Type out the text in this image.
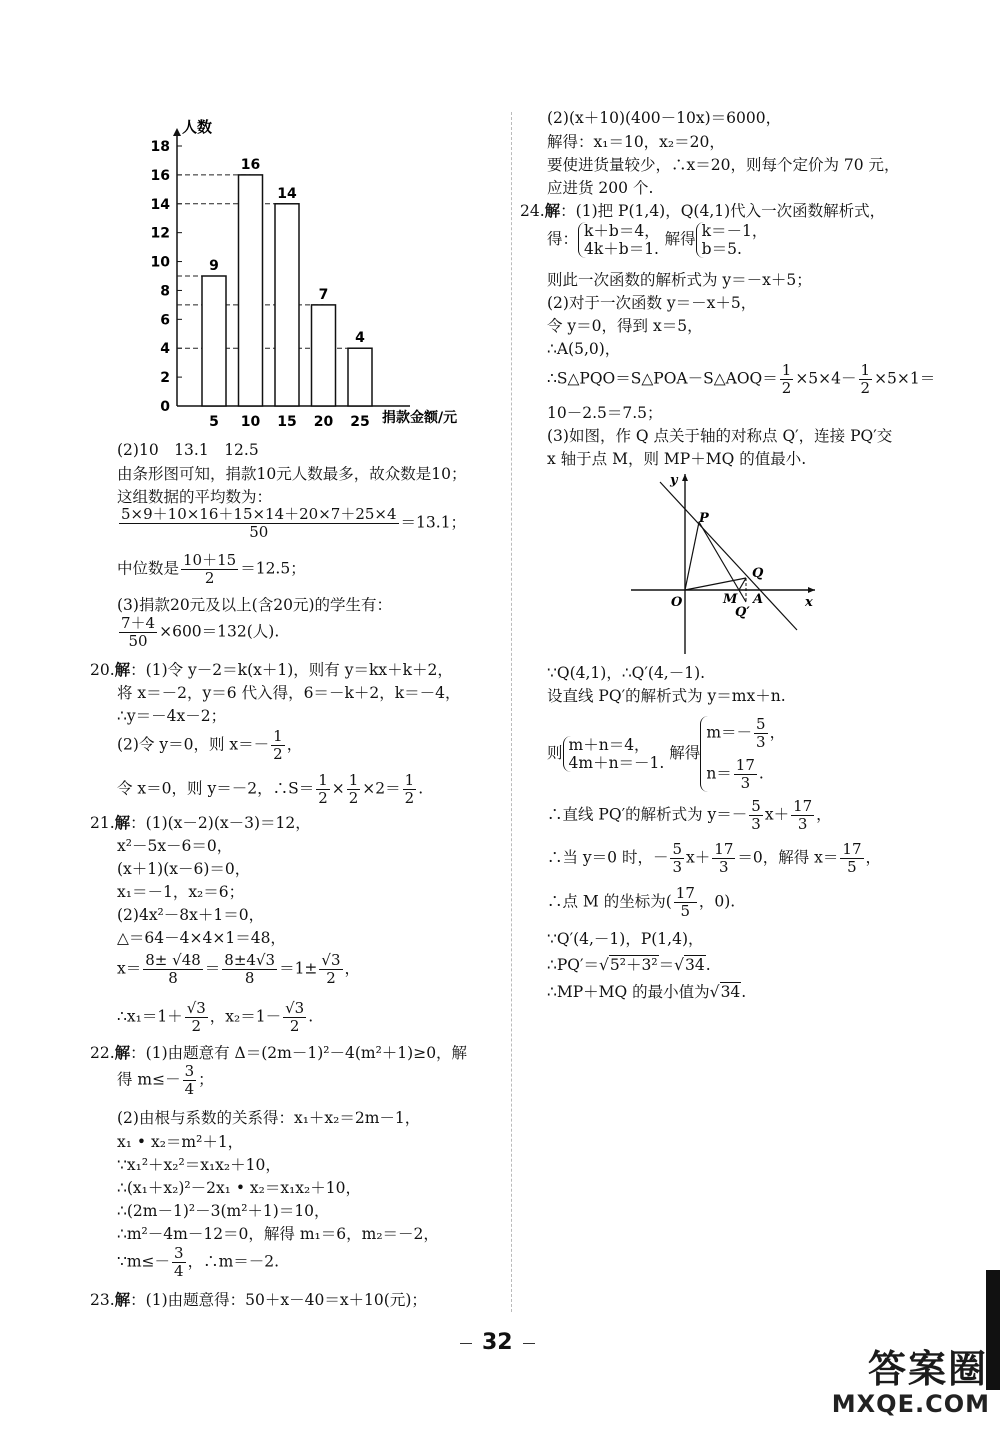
0
2
4
6
8
10
12
14
16
18
9
5
16
10
14
15
7
20
4
25
人数
捐款金额/元
(2)10　13.1　12.5
由条形图可知，捐款10元人数最多，故众数是10；
这组数据的平均数为：
$\frac{5\times 9+10\times 16+15\times 14+20\times 7+25\times 4}{50} =13.1$；
中位数是 $\frac{10+15}{2} =12.5$；
(3)捐款20元及以上(含20元)的学生有：
$\frac{7+4}{50} \times 600=132$(人).
20.解：(1)令 y－2＝k(x＋1)，则有 y＝kx＋k＋2，
将 x＝－2，y＝6 代入得，6＝－k＋2，k＝－4，
∴y＝－4x－2；
(2)令 y＝0，则 $x=- \frac{1}{2}$ ，
令 x＝0，则 y＝－2，∴S＝ $\frac{1}{2} \times \frac{1}{2} \times 2= \frac{1}{2}$ .
21.解：(1)(x－2)(x－3)＝12，
x²－5x－6＝0，
(x＋1)(x－6)＝0，
x₁＝－1，x₂＝6；
(2)4x²－8x＋1＝0，
△＝64－4×4×1＝48，
$x= \frac{8\pm √48}{8} = \frac{8\pm 4√3}{8} =1\pm \frac{√3}{2}$ ，
∴x₁＝1＋ $\frac{√3}{2}$ ，$x_2=1- \frac{√3}{2}$ .
22.解：(1)由题意有 Δ＝(2m－1)²－4(m²＋1)≥0，解
得 $m\le- \frac{3}{4}$ ；
(2)由根与系数的关系得：x₁＋x₂＝2m－1，
x₁ • x₂＝m²＋1，
∵x₁²＋x₂²＝x₁x₂＋10，
∴(x₁＋x₂)²－2x₁ • x₂＝x₁x₂＋10，
∴(2m－1)²－3(m²＋1)＝10，
∴m²－4m－12＝0，解得 m₁＝6，m₂＝－2，
∵m≤－ $\frac{3}{4}$ ，∴m＝－2.
23.解：(1)由题意得：50＋x－40＝x＋10(元)；
(2)(x＋10)(400－10x)＝6000，
解得：x₁＝10，x₂＝20，
要使进货量较少，∴x＝20，则每个定价为 70 元，
应进货 200 个.
24.解：(1)把 P(1,4)，Q(4,1)代入一次函数解析式，
得： k＋b＝4，
4k＋b＝1.
解得 k＝－1，
b＝5.
则此一次函数的解析式为 y＝－x＋5；
(2)对于一次函数 y＝－x＋5，
令 y＝0，得到 x＝5，
∴A(5,0)，
∴S△PQO＝S△POA－S△AOQ＝ $\frac{1}{2} \times 5\times 4- \frac{1}{2} \times 5\times 1=$
10－2.5＝7.5；
(3)如图，作 Q 点关于轴的对称点 Q′，连接 PQ′交
x 轴于点 M，则 MP＋MQ 的值最小.
y
x
O
P
Q
M A
Q′
∵Q(4,1)，∴Q′(4,－1).
设直线 PQ′的解析式为 y＝mx＋n.
则 m＋n＝4，
4m＋n＝－1.
解得
$m=- \frac{5}{3}$ ，
$n= \frac{17}{3}$ .
∴直线 PQ′的解析式为 $y=- \frac{5}{3} x+ \frac{17}{3}$ ，
∴当 y＝0 时，－ $\frac{5}{3} x+ \frac{17}{3} =0$，解得 $x= \frac{17}{5}$ ，
∴点 M 的坐标为( $\frac{17}{5}$ ，0).
∵Q′(4,－1)，P(1,4)，
∴PQ′＝√5²＋3²＝√34.
∴MP＋MQ 的最小值为√34.
32
答案圈
MXQE.COM
